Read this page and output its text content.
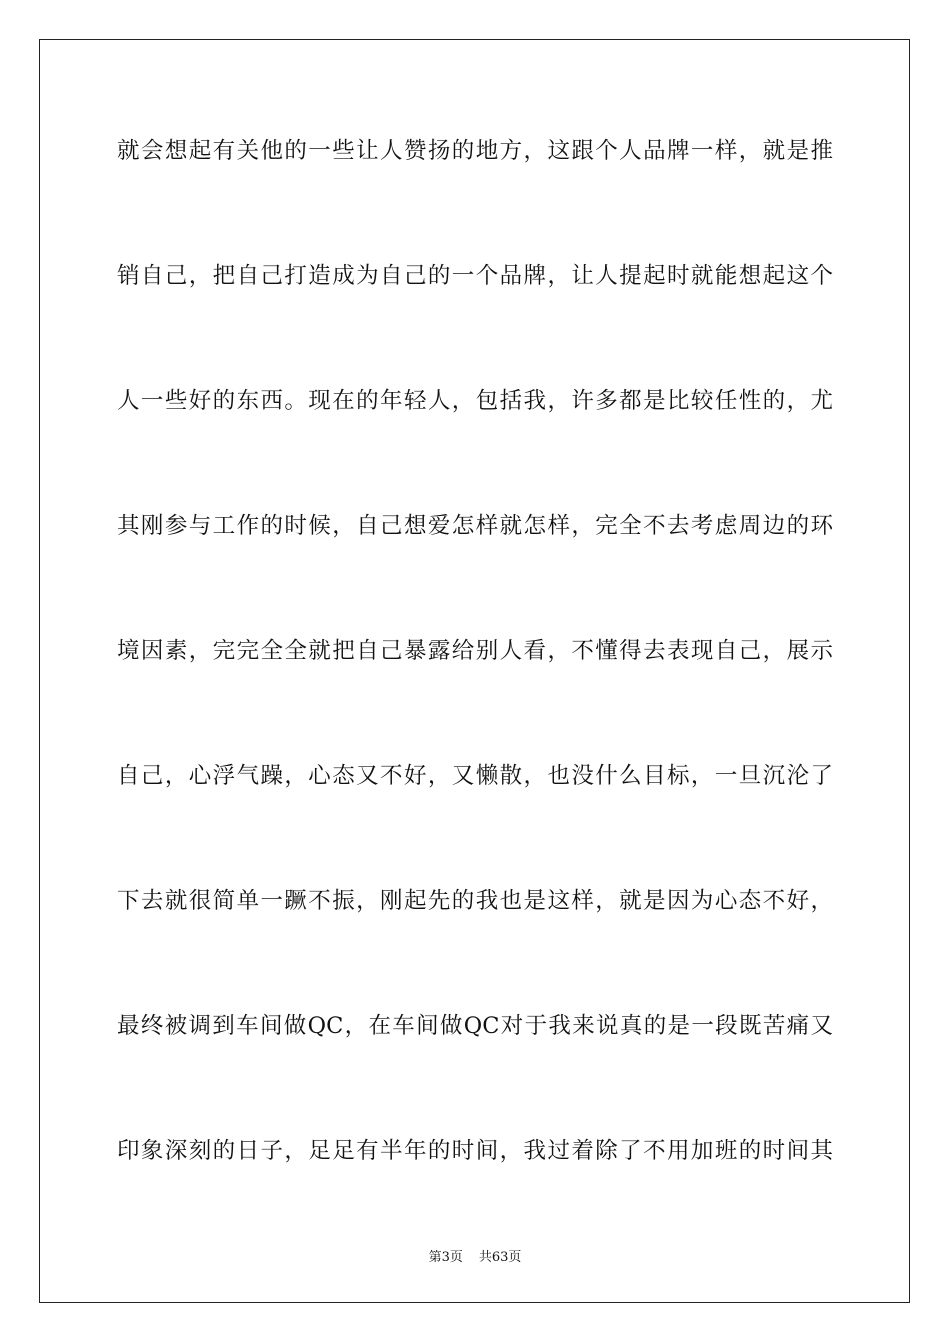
就会想起有关他的一些让人赞扬的地方，这跟个人品牌一样，就是推
销自己，把自己打造成为自己的一个品牌，让人提起时就能想起这个
人一些好的东西。现在的年轻人，包括我，许多都是比较任性的，尤
其刚参与工作的时候，自己想爱怎样就怎样，完全不去考虑周边的环
境因素，完完全全就把自己暴露给别人看，不懂得去表现自己，展示
自己，心浮气躁，心态又不好，又懒散，也没什么目标，一旦沉沦了
下去就很简单一蹶不振，刚起先的我也是这样，就是因为心态不好，
最终被调到车间做QC，在车间做QC对于我来说真的是一段既苦痛又
印象深刻的日子，足足有半年的时间，我过着除了不用加班的时间其
第3页 共63页
